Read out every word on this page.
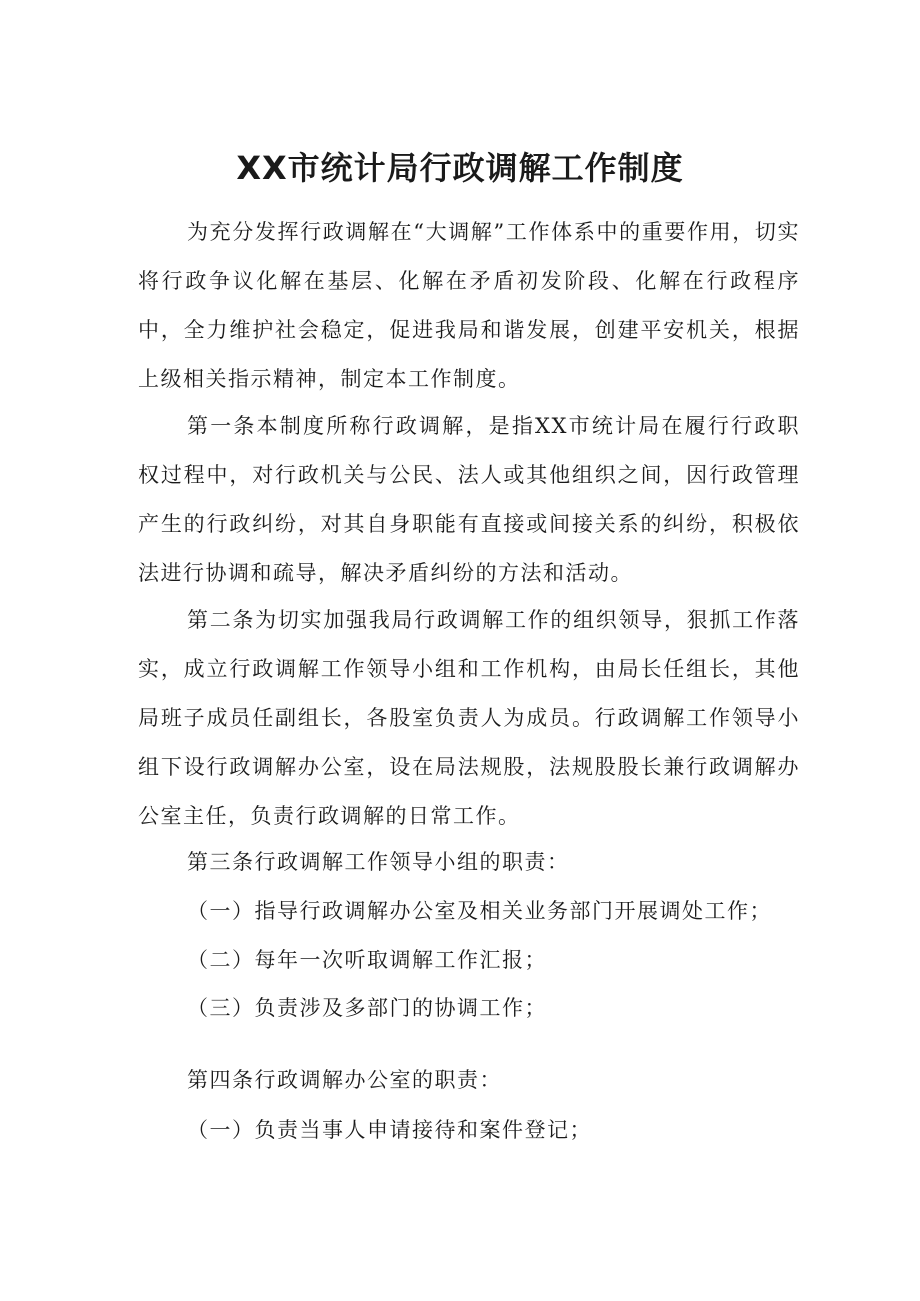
XX市统计局行政调解工作制度

为充分发挥行政调解在“大调解”工作体系中的重要作用，切实将行政争议化解在基层、化解在矛盾初发阶段、化解在行政程序中，全力维护社会稳定，促进我局和谐发展，创建平安机关，根据上级相关指示精神，制定本工作制度。

第一条本制度所称行政调解，是指XX市统计局在履行行政职权过程中，对行政机关与公民、法人或其他组织之间，因行政管理产生的行政纠纷，对其自身职能有直接或间接关系的纠纷，积极依法进行协调和疏导，解决矛盾纠纷的方法和活动。

第二条为切实加强我局行政调解工作的组织领导，狠抓工作落实，成立行政调解工作领导小组和工作机构，由局长任组长，其他局班子成员任副组长，各股室负责人为成员。行政调解工作领导小组下设行政调解办公室，设在局法规股，法规股股长兼行政调解办公室主任，负责行政调解的日常工作。

第三条行政调解工作领导小组的职责：

（一）指导行政调解办公室及相关业务部门开展调处工作；

（二）每年一次听取调解工作汇报；

（三）负责涉及多部门的协调工作；

第四条行政调解办公室的职责：

（一）负责当事人申请接待和案件登记；
